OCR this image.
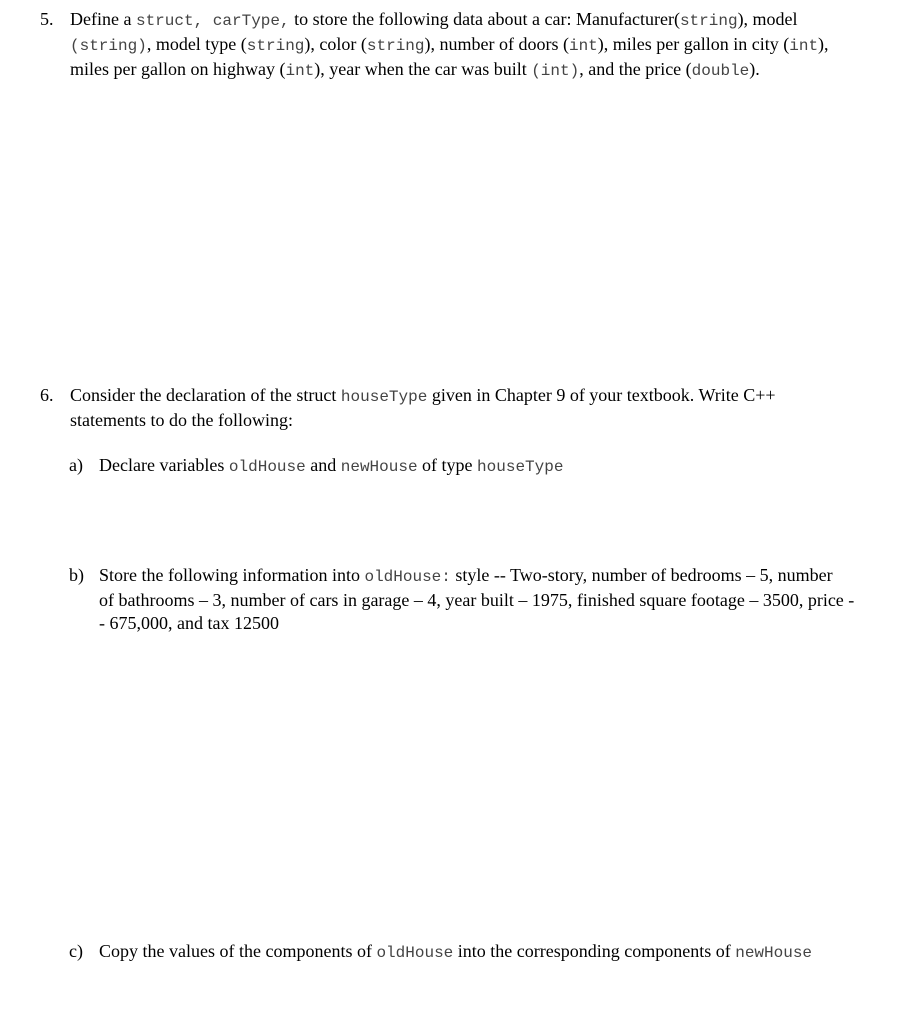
5. Define a struct, carType, to store the following data about a car: Manufacturer(string), model
(string), model type (string), color (string), number of doors (int), miles per gallon in city (int),
miles per gallon on highway (int), year when the car was built (int), and the price (double).
6. Consider the declaration of the struct houseType given in Chapter 9 of your textbook. Write C++
statements to do the following:
a) Declare variables oldHouse and newHouse of type houseType
b) Store the following information into oldHouse: style -- Two-story, number of bedrooms – 5, number
of bathrooms – 3, number of cars in garage – 4, year built – 1975, finished square footage – 3500, price -
- 675,000, and tax 12500
c) Copy the values of the components of oldHouse into the corresponding components of newHouse
